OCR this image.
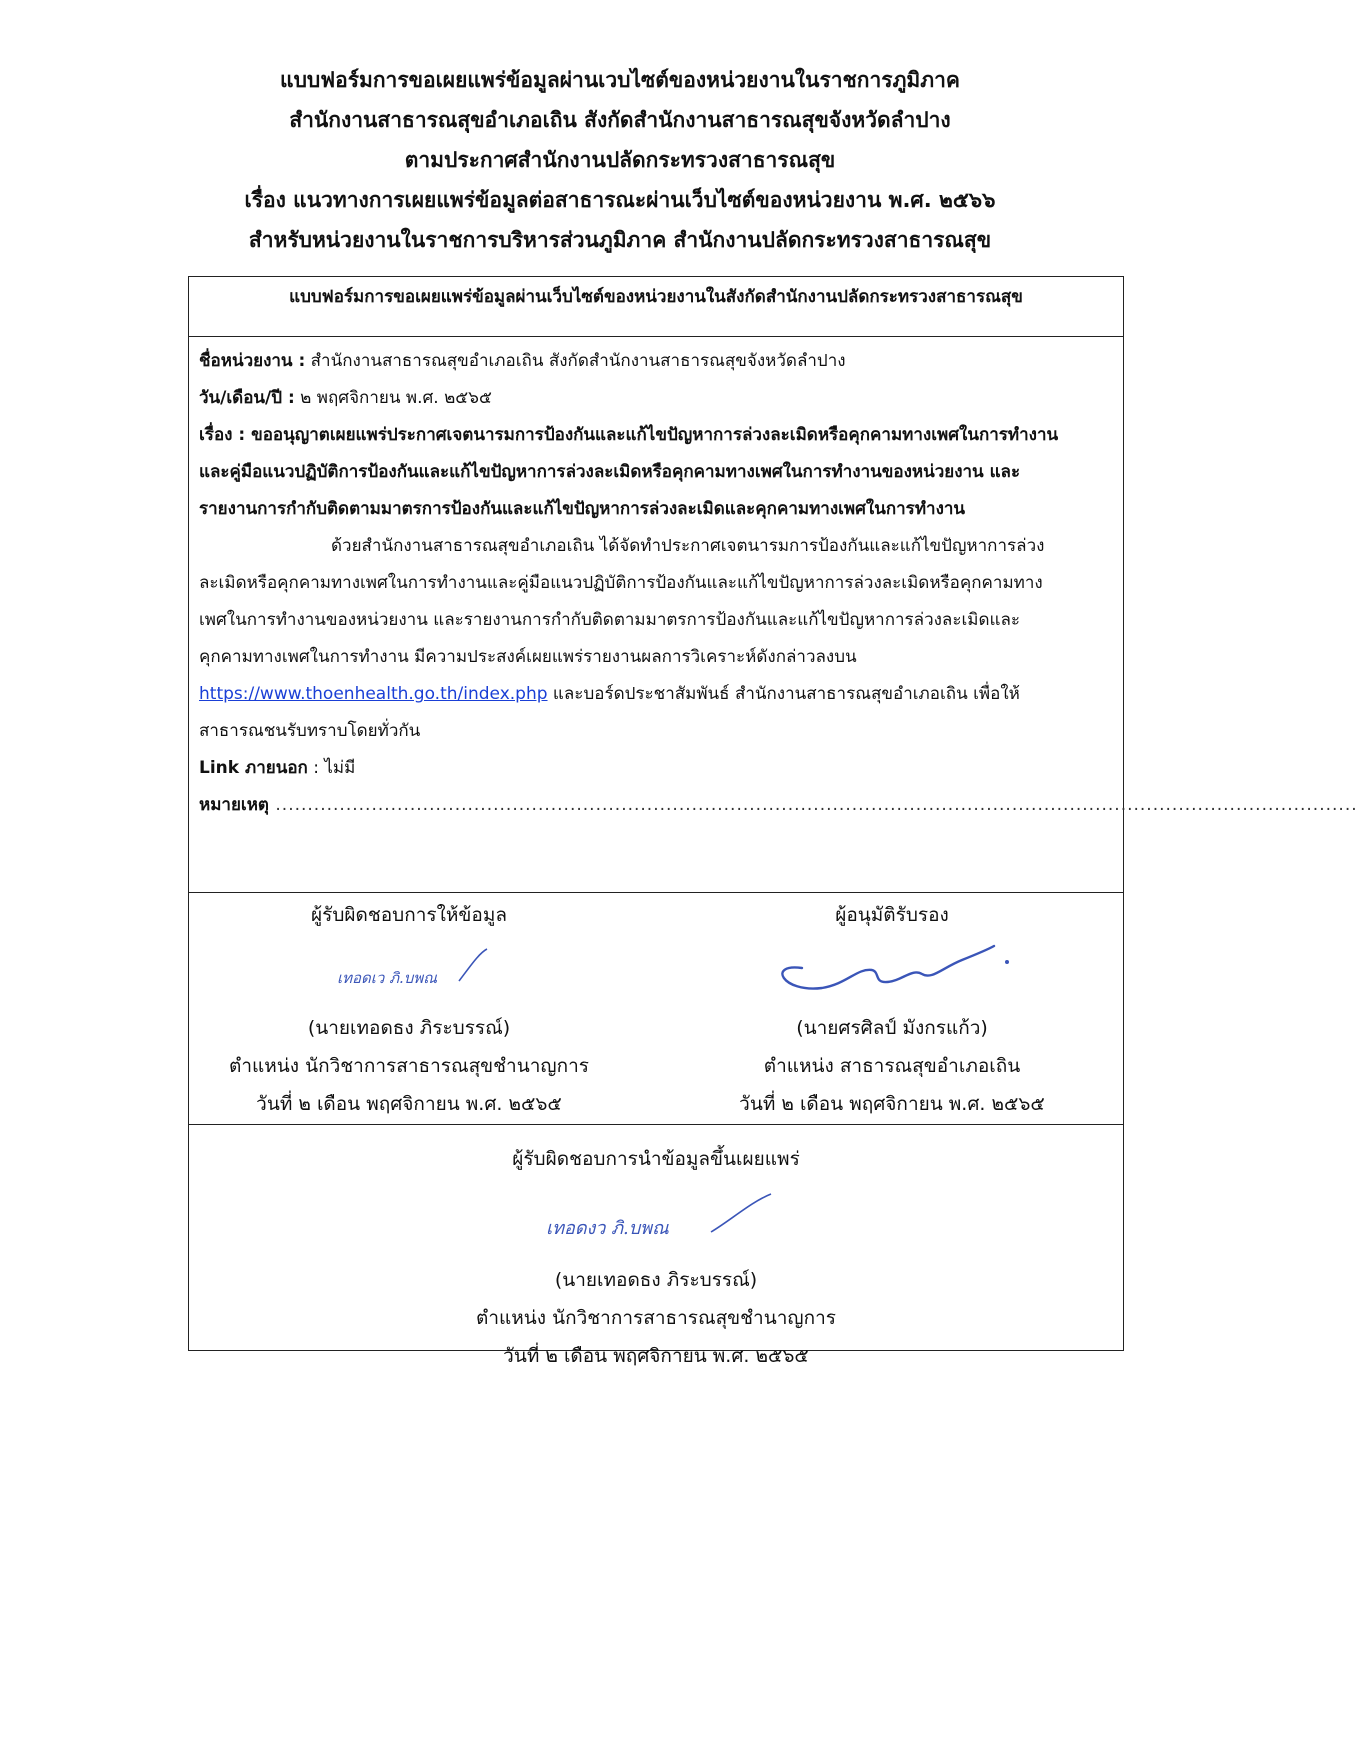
แบบฟอร์มการขอเผยแพร่ข้อมูลผ่านเวบไซต์ของหน่วยงานในราชการภูมิภาค
สำนักงานสาธารณสุขอำเภอเถิน สังกัดสำนักงานสาธารณสุขจังหวัดลำปาง
ตามประกาศสำนักงานปลัดกระทรวงสาธารณสุข
เรื่อง แนวทางการเผยแพร่ข้อมูลต่อสาธารณะผ่านเว็บไซต์ของหน่วยงาน พ.ศ. ๒๕๖๖
สำหรับหน่วยงานในราชการบริหารส่วนภูมิภาค สำนักงานปลัดกระทรวงสาธารณสุข
แบบฟอร์มการขอเผยแพร่ข้อมูลผ่านเว็บไซต์ของหน่วยงานในสังกัดสำนักงานปลัดกระทรวงสาธารณสุข
ชื่อหน่วยงาน : สำนักงานสาธารณสุขอำเภอเถิน สังกัดสำนักงานสาธารณสุขจังหวัดลำปาง
วัน/เดือน/ปี : ๒ พฤศจิกายน พ.ศ. ๒๕๖๕
เรื่อง : ขออนุญาตเผยแพร่ประกาศเจตนารมการป้องกันและแก้ไขปัญหาการล่วงละเมิดหรือคุกคามทางเพศในการทำงาน
และคู่มือแนวปฏิบัติการป้องกันและแก้ไขปัญหาการล่วงละเมิดหรือคุกคามทางเพศในการทำงานของหน่วยงาน และ
รายงานการกำกับติดตามมาตรการป้องกันและแก้ไขปัญหาการล่วงละเมิดและคุกคามทางเพศในการทำงาน
ด้วยสำนักงานสาธารณสุขอำเภอเถิน ได้จัดทำประกาศเจตนารมการป้องกันและแก้ไขปัญหาการล่วง
ละเมิดหรือคุกคามทางเพศในการทำงานและคู่มือแนวปฏิบัติการป้องกันและแก้ไขปัญหาการล่วงละเมิดหรือคุกคามทาง
เพศในการทำงานของหน่วยงาน และรายงานการกำกับติดตามมาตรการป้องกันและแก้ไขปัญหาการล่วงละเมิดและ
คุกคามทางเพศในการทำงาน มีความประสงค์เผยแพร่รายงานผลการวิเคราะห์ดังกล่าวลงบน
https://www.thoenhealth.go.th/index.php และบอร์ดประชาสัมพันธ์ สำนักงานสาธารณสุขอำเภอเถิน เพื่อให้
สาธารณชนรับทราบโดยทั่วกัน
Link ภายนอก : ไม่มี
หมายเหตุ .........................................................................................................................................................................
ผู้รับผิดชอบการให้ข้อมูล
เทอดเว ภิ.บพณ
(นายเทอดธง ภิระบรรณ์)
ตำแหน่ง นักวิชาการสาธารณสุขชำนาญการ
วันที่ ๒ เดือน พฤศจิกายน พ.ศ. ๒๕๖๕
ผู้อนุมัติรับรอง
(นายศรศิลป์ มังกรแก้ว)
ตำแหน่ง สาธารณสุขอำเภอเถิน
วันที่ ๒ เดือน พฤศจิกายน พ.ศ. ๒๕๖๕
ผู้รับผิดชอบการนำข้อมูลขึ้นเผยแพร่
เทอดงว ภิ.บพณ
(นายเทอดธง ภิระบรรณ์)
ตำแหน่ง นักวิชาการสาธารณสุขชำนาญการ
วันที่ ๒ เดือน พฤศจิกายน พ.ศ. ๒๕๖๕
